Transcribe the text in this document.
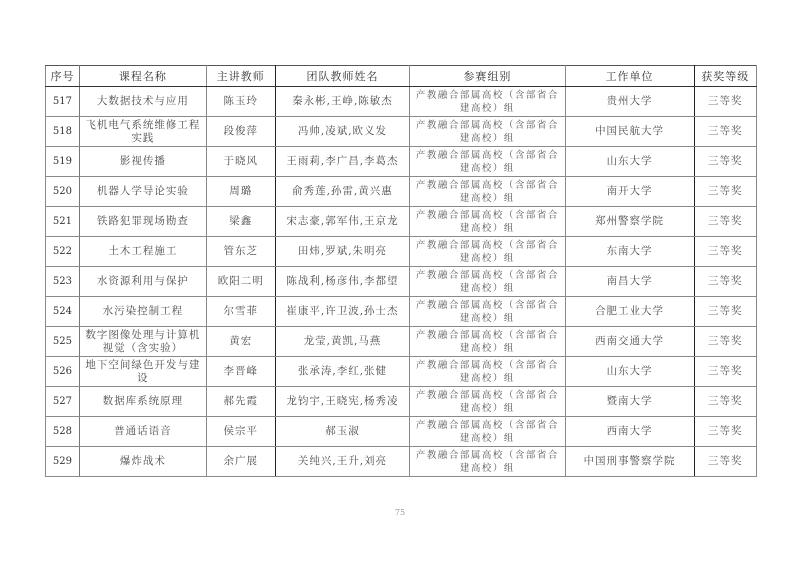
序号	课程名称	主讲教师	团队教师姓名	参赛组别	工作单位	获奖等级
517	大数据技术与应用	陈玉玲	秦永彬,王峥,陈敏杰	产教融合部属高校（含部省合建高校）组	贵州大学	三等奖
518	飞机电气系统维修工程实践	段俊萍	冯帅,凌斌,欧义发	产教融合部属高校（含部省合建高校）组	中国民航大学	三等奖
519	影视传播	于晓风	王雨莉,李广昌,李葛杰	产教融合部属高校（含部省合建高校）组	山东大学	三等奖
520	机器人学导论实验	周璐	俞秀莲,孙雷,黄兴惠	产教融合部属高校（含部省合建高校）组	南开大学	三等奖
521	铁路犯罪现场勘查	梁鑫	宋志豪,郭军伟,王京龙	产教融合部属高校（含部省合建高校）组	郑州警察学院	三等奖
522	土木工程施工	管东芝	田炜,罗斌,朱明亮	产教融合部属高校（含部省合建高校）组	东南大学	三等奖
523	水资源利用与保护	欧阳二明	陈战利,杨彦伟,李都望	产教融合部属高校（含部省合建高校）组	南昌大学	三等奖
524	水污染控制工程	尔雪菲	崔康平,许卫波,孙士杰	产教融合部属高校（含部省合建高校）组	合肥工业大学	三等奖
525	数字图像处理与计算机视觉（含实验）	黄宏	龙莹,黄凯,马燕	产教融合部属高校（含部省合建高校）组	西南交通大学	三等奖
526	地下空间绿色开发与建设	李晋峰	张承涛,李红,张健	产教融合部属高校（含部省合建高校）组	山东大学	三等奖
527	数据库系统原理	郝先霞	龙钧宇,王晓宪,杨秀凌	产教融合部属高校（含部省合建高校）组	暨南大学	三等奖
528	普通话语音	侯宗平	郝玉淑	产教融合部属高校（含部省合建高校）组	西南大学	三等奖
529	爆炸战术	余广展	关纯兴,王升,刘亮	产教融合部属高校（含部省合建高校）组	中国刑事警察学院	三等奖
75
